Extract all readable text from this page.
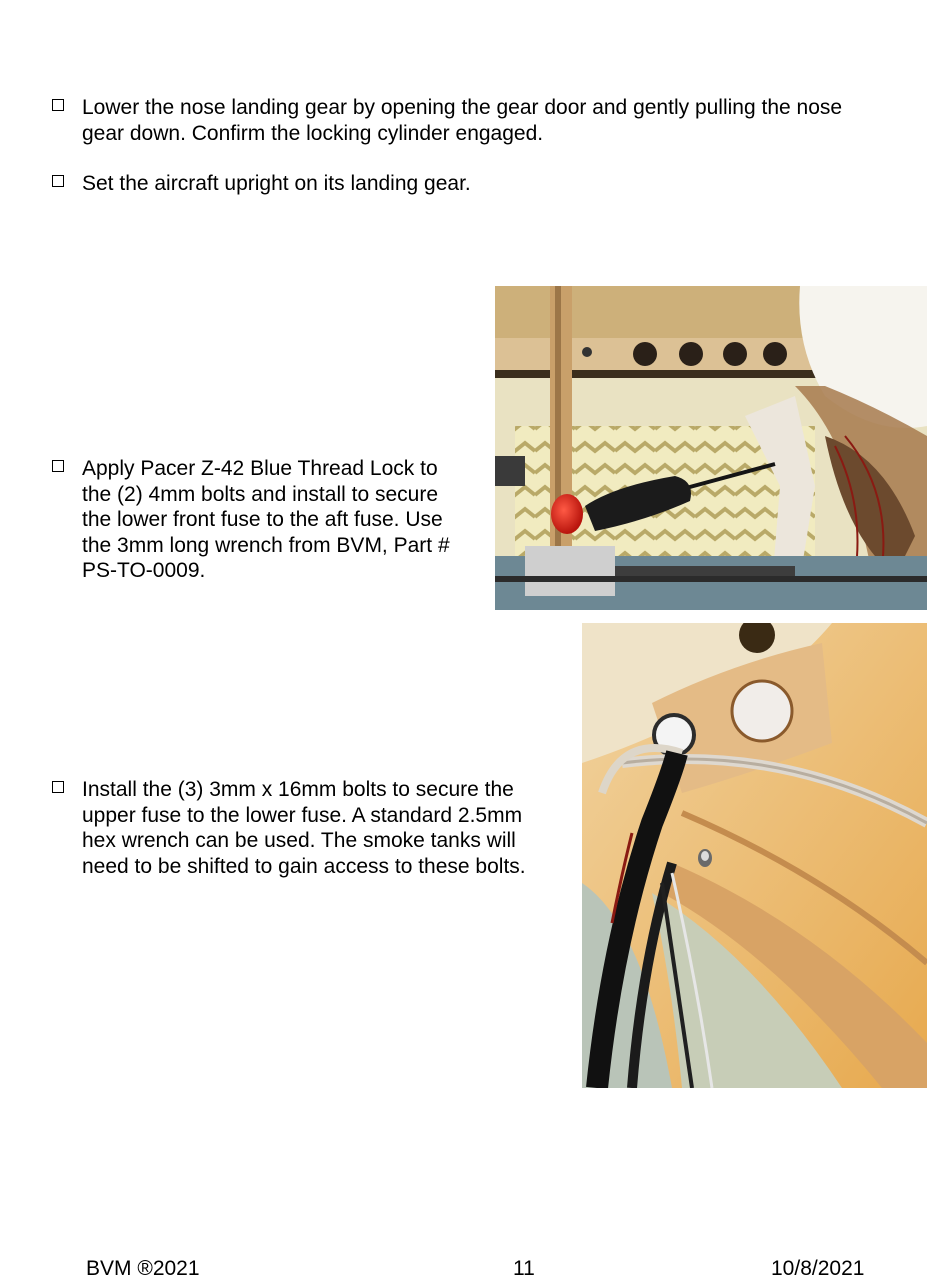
Lower the nose landing gear by opening the gear door and gently pulling the nose
gear down. Confirm the locking cylinder engaged.
Set the aircraft upright on its landing gear.
Apply Pacer Z-42 Blue Thread Lock to
the (2) 4mm bolts and install to secure
the lower front fuse to the aft fuse. Use
the 3mm long wrench from BVM, Part #
PS-TO-0009.
Install the (3) 3mm x 16mm bolts to secure the
upper fuse to the lower fuse. A standard 2.5mm
hex wrench can be used. The smoke tanks will
need to be shifted to gain access to these bolts.
BVM ®2021	11	10/8/2021
